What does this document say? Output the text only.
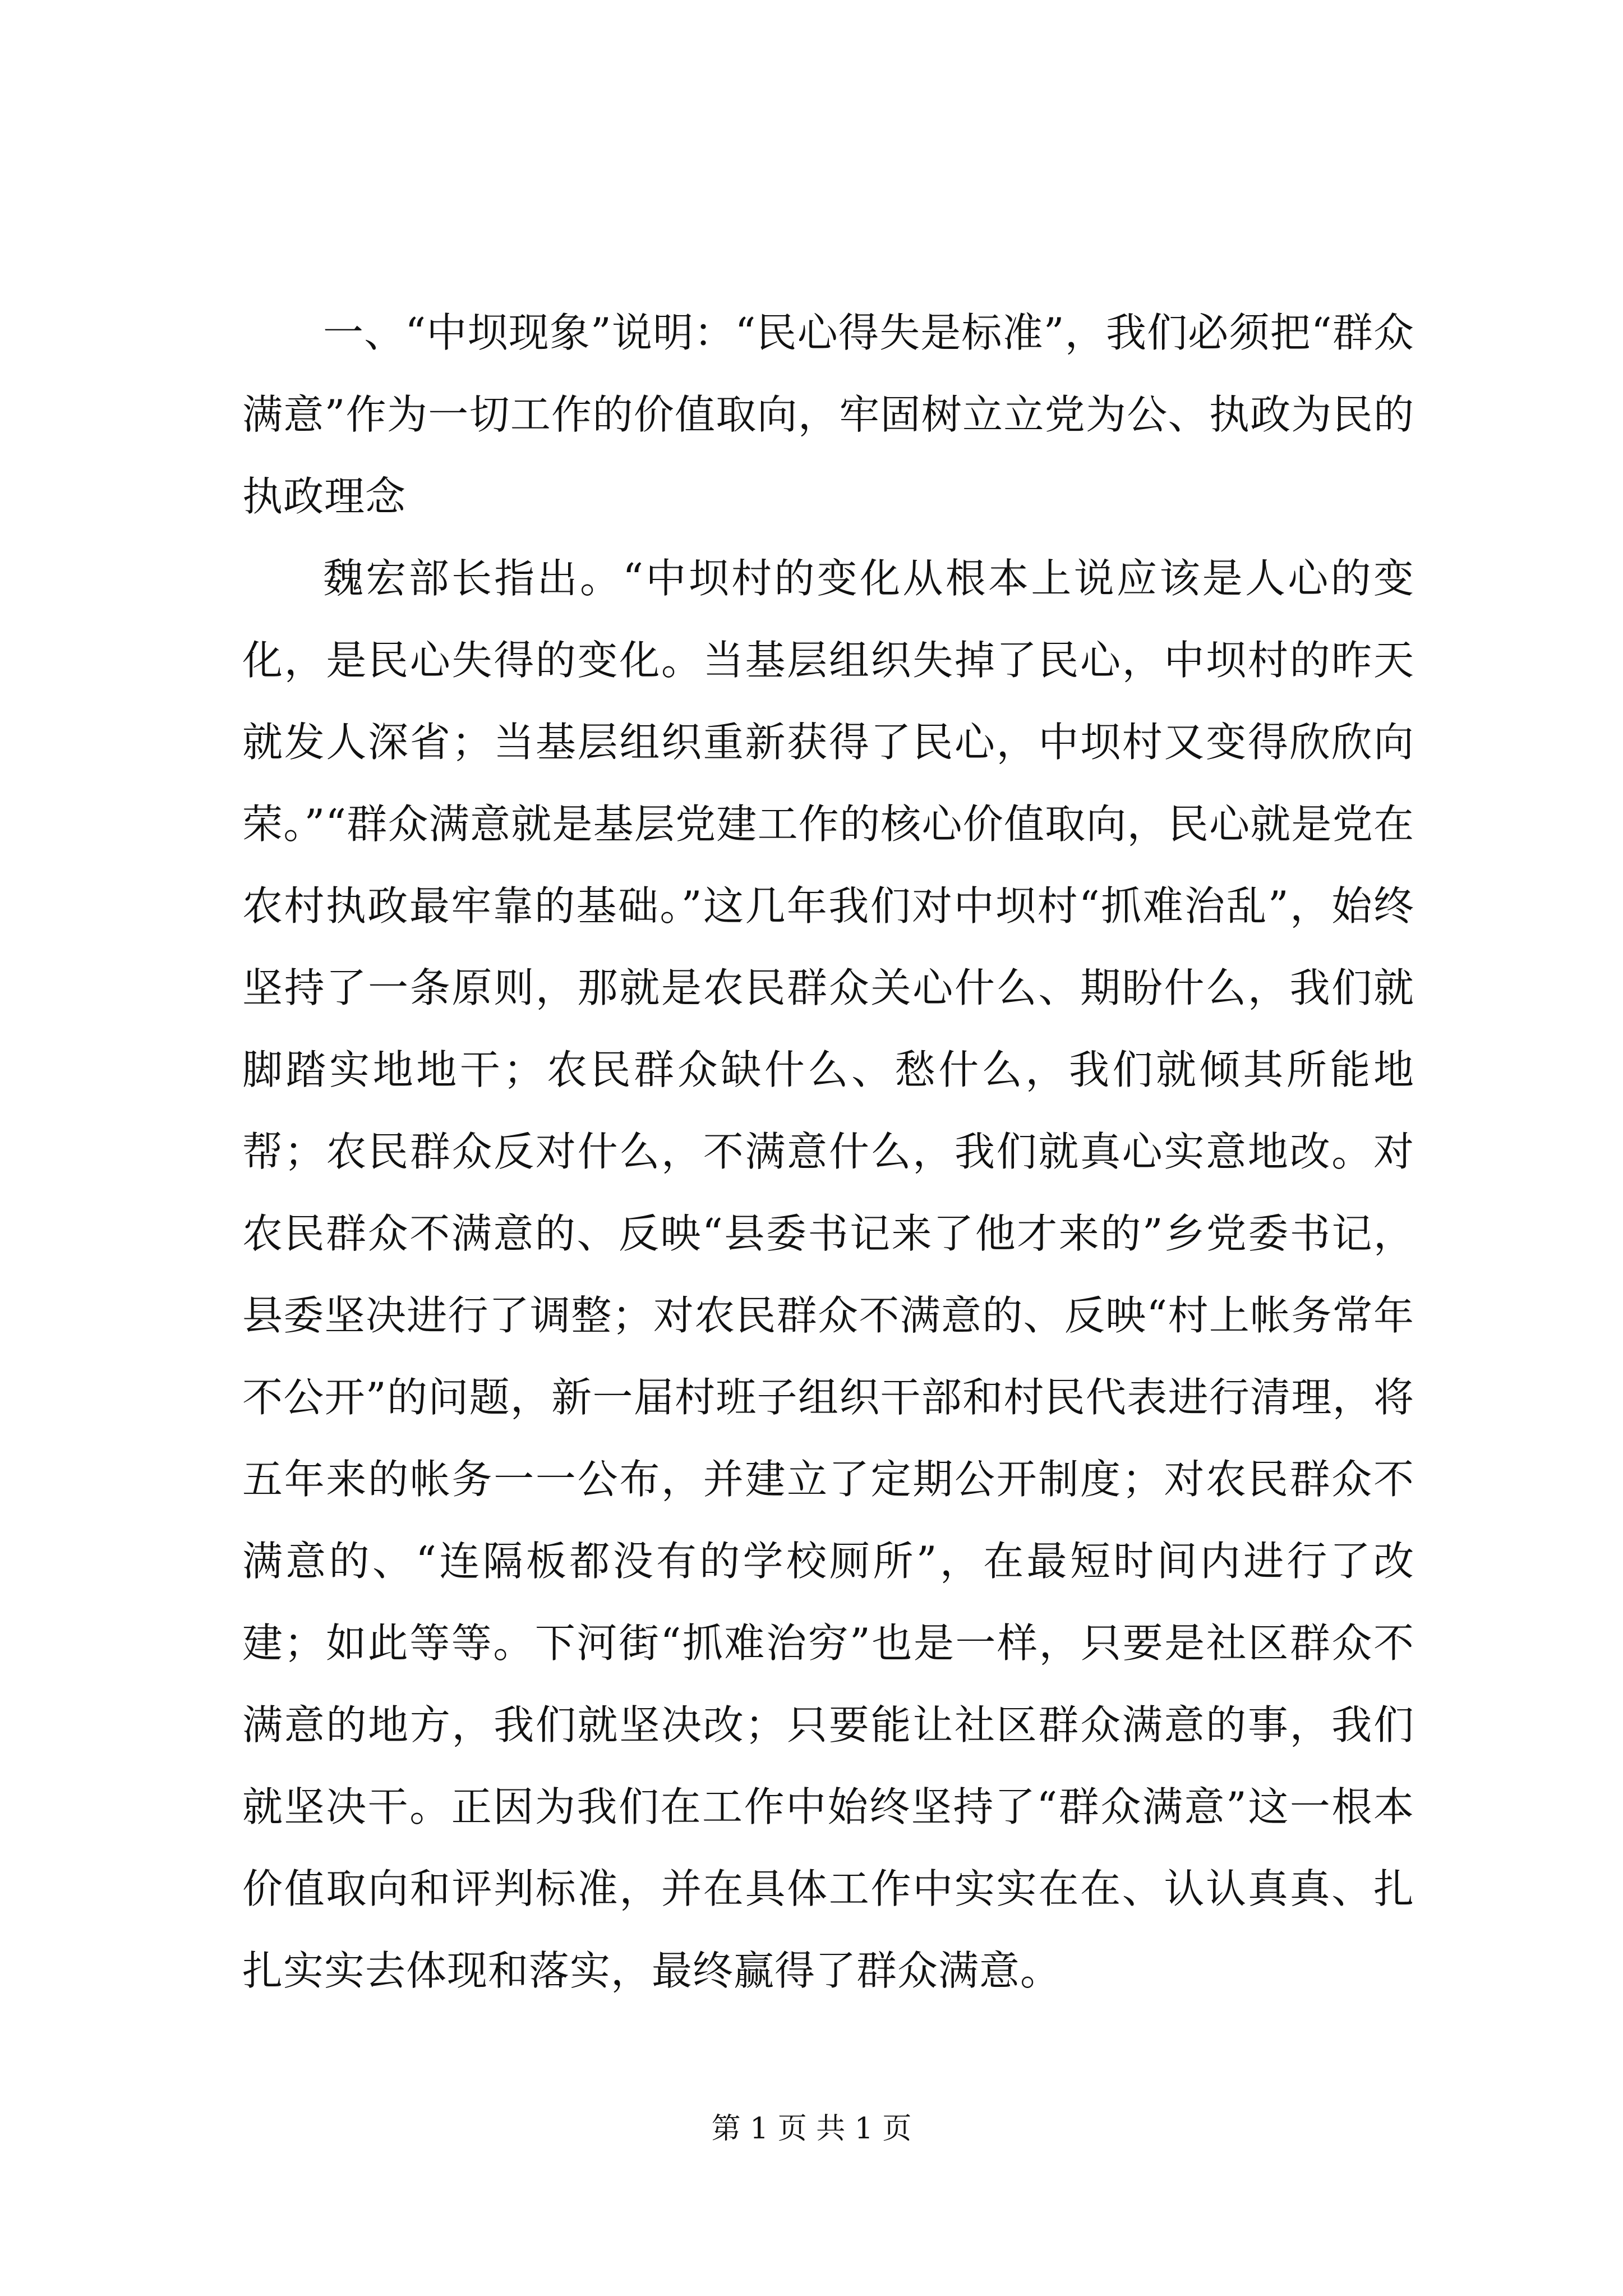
一、“中坝现象”说明：“民心得失是标准”，我们必须把“群众满意”作为一切工作的价值取向，牢固树立立党为公、执政为民的执政理念

魏宏部长指出。“中坝村的变化从根本上说应该是人心的变化，是民心失得的变化。当基层组织失掉了民心，中坝村的昨天就发人深省；当基层组织重新获得了民心，中坝村又变得欣欣向荣。”“群众满意就是基层党建工作的核心价值取向，民心就是党在农村执政最牢靠的基础。”这几年我们对中坝村“抓难治乱”，始终坚持了一条原则，那就是农民群众关心什么、期盼什么，我们就脚踏实地地干；农民群众缺什么、愁什么，我们就倾其所能地帮；农民群众反对什么，不满意什么，我们就真心实意地改。对农民群众不满意的、反映“县委书记来了他才来的”乡党委书记，县委坚决进行了调整；对农民群众不满意的、反映“村上帐务常年不公开”的问题，新一届村班子组织干部和村民代表进行清理，将五年来的帐务一一公布，并建立了定期公开制度；对农民群众不满意的、“连隔板都没有的学校厕所”，在最短时间内进行了改建；如此等等。下河街“抓难治穷”也是一样，只要是社区群众不满意的地方，我们就坚决改；只要能让社区群众满意的事，我们就坚决干。正因为我们在工作中始终坚持了“群众满意”这一根本价值取向和评判标准，并在具体工作中实实在在、认认真真、扎扎实实去体现和落实，最终赢得了群众满意。

第 1 页 共 1 页
